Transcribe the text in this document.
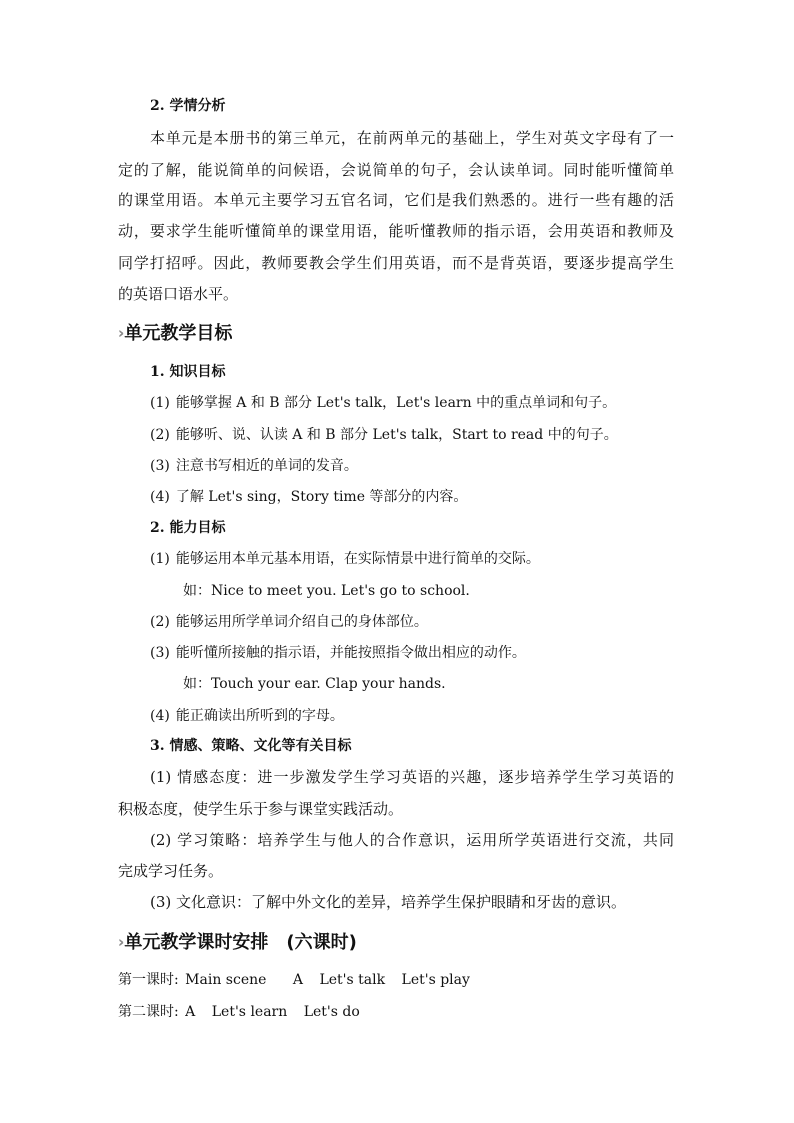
2. 学情分析
本单元是本册书的第三单元，在前两单元的基础上，学生对英文字母有了一
定的了解，能说简单的问候语，会说简单的句子，会认读单词。同时能听懂简单
的课堂用语。本单元主要学习五官名词，它们是我们熟悉的。进行一些有趣的活
动，要求学生能听懂简单的课堂用语，能听懂教师的指示语，会用英语和教师及
同学打招呼。因此，教师要教会学生们用英语，而不是背英语，要逐步提高学生
的英语口语水平。
›› 单元教学目标
1. 知识目标
(1) 能够掌握 A 和 B 部分 Let's talk，Let's learn 中的重点单词和句子。
(2) 能够听、说、认读 A 和 B 部分 Let's talk，Start to read 中的句子。
(3) 注意书写相近的单词的发音。
(4) 了解 Let's sing，Story time 等部分的内容。
2. 能力目标
(1) 能够运用本单元基本用语，在实际情景中进行简单的交际。
如：Nice to meet you. Let's go to school.
(2) 能够运用所学单词介绍自己的身体部位。
(3) 能听懂所接触的指示语，并能按照指令做出相应的动作。
如：Touch your ear. Clap your hands.
(4) 能正确读出所听到的字母。
3. 情感、策略、文化等有关目标
(1) 情感态度：进一步激发学生学习英语的兴趣，逐步培养学生学习英语的
积极态度，使学生乐于参与课堂实践活动。
(2) 学习策略：培养学生与他人的合作意识，运用所学英语进行交流，共同
完成学习任务。
(3) 文化意识：了解中外文化的差异，培养学生保护眼睛和牙齿的意识。
›› 单元教学课时安排　(六课时)
第一课时: Main scene A Let's talk Let's play
第二课时: A Let's learn Let's do
